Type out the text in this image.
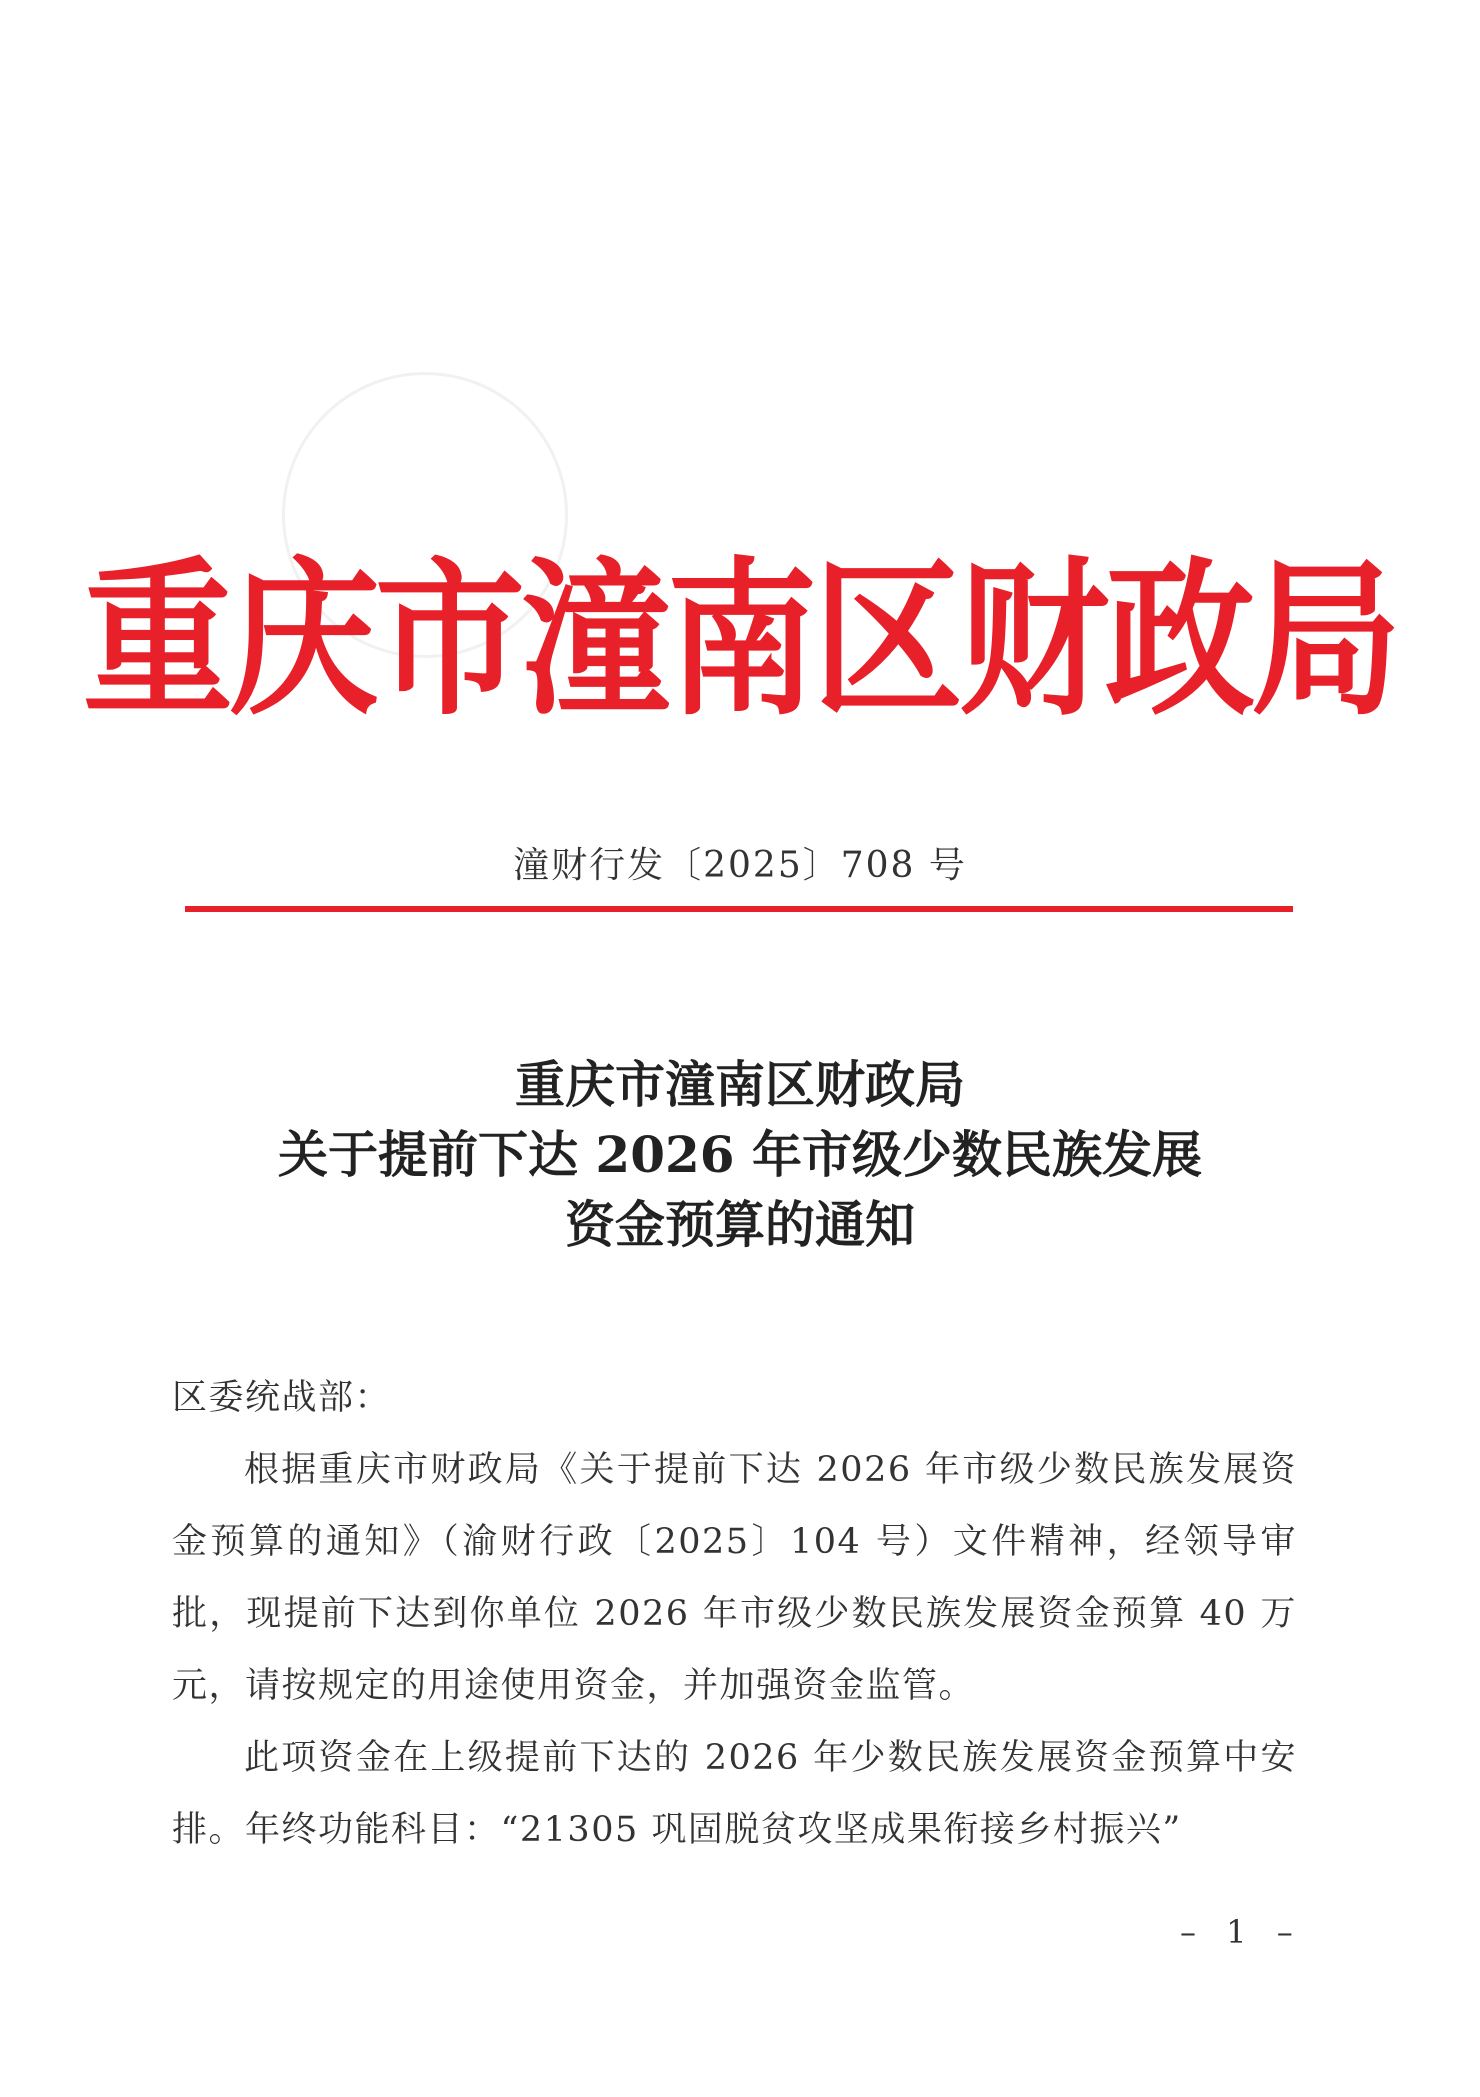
重庆市潼南区财政局
潼财行发〔2025〕708 号
重庆市潼南区财政局
关于提前下达 2026 年市级少数民族发展
资金预算的通知

区委统战部：

根据重庆市财政局《关于提前下达 2026 年市级少数民族发展资金预算的通知》（渝财行政〔2025〕104 号）文件精神，经领导审批，现提前下达到你单位 2026 年市级少数民族发展资金预算 40 万元，请按规定的用途使用资金，并加强资金监管。

此项资金在上级提前下达的 2026 年少数民族发展资金预算中安排。年终功能科目：“21305 巩固脱贫攻坚成果衔接乡村振兴”

– 1 –
